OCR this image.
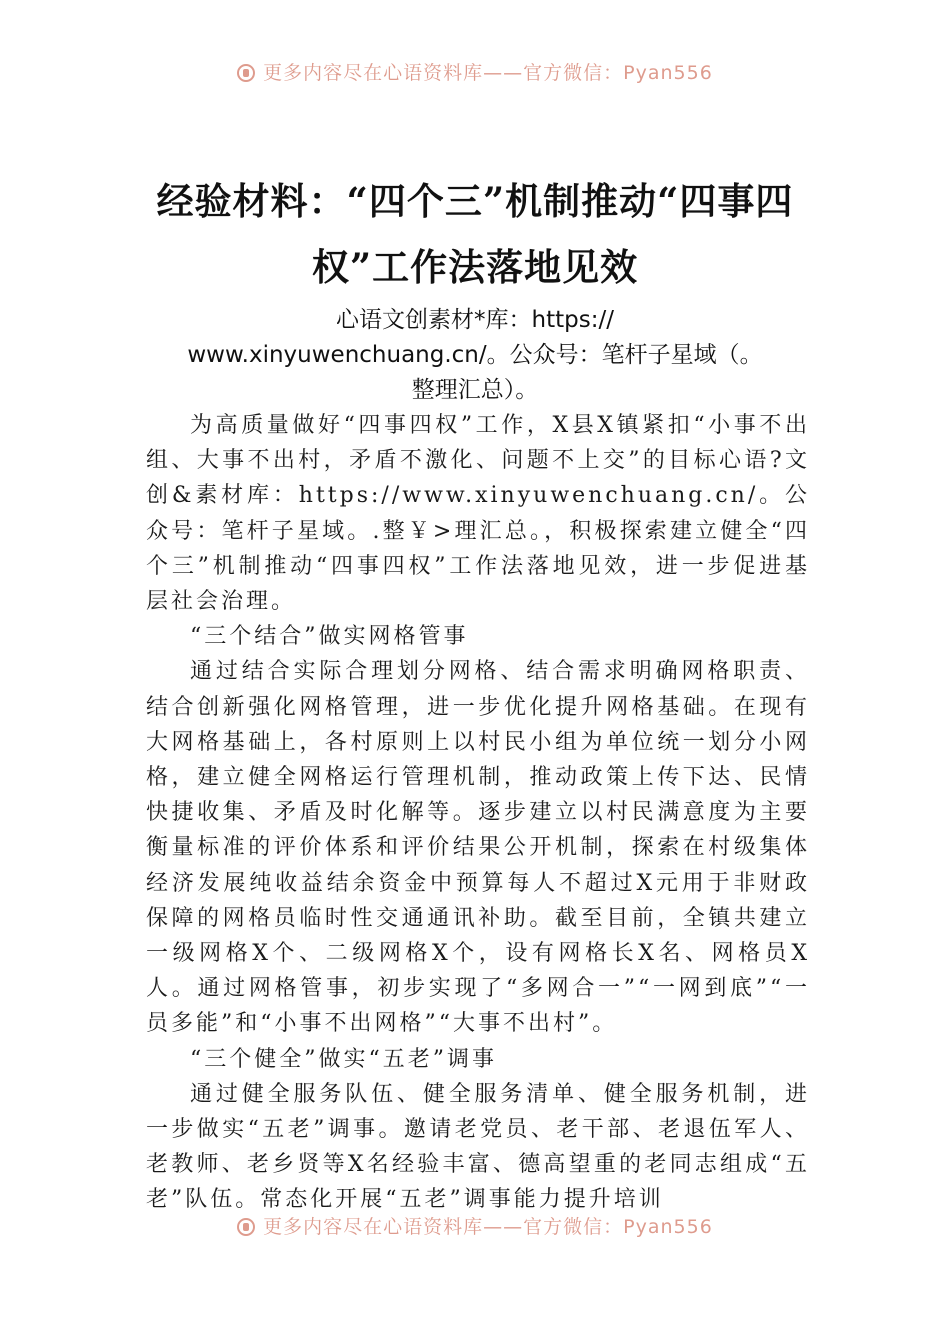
更多内容尽在心语资料库——官方微信：Pyan556
经验材料：“四个三”机制推动“四事四
权”工作法落地见效
心语文创素材*库：https://
www.xinyuwenchuang.cn/。公众号：笔杆子星域（。
整理汇总）。

为高质量做好“四事四权”工作，X县X镇紧扣“小事不出组、大事不出村，矛盾不激化、问题不上交”的目标心语?文创&素材库：https://www.xinyuwenchuang.cn/。公众号：笔杆子星域。.整￥>理汇总。，积极探索建立健全“四个三”机制推动“四事四权”工作法落地见效，进一步促进基层社会治理。

“三个结合”做实网格管事

通过结合实际合理划分网格、结合需求明确网格职责、结合创新强化网格管理，进一步优化提升网格基础。在现有大网格基础上，各村原则上以村民小组为单位统一划分小网格，建立健全网格运行管理机制，推动政策上传下达、民情快捷收集、矛盾及时化解等。逐步建立以村民满意度为主要衡量标准的评价体系和评价结果公开机制，探索在村级集体经济发展纯收益结余资金中预算每人不超过X元用于非财政保障的网格员临时性交通通讯补助。截至目前，全镇共建立一级网格X个、二级网格X个，设有网格长X名、网格员X人。通过网格管事，初步实现了“多网合一”“一网到底”“一员多能”和“小事不出网格”“大事不出村”。

“三个健全”做实“五老”调事

通过健全服务队伍、健全服务清单、健全服务机制，进一步做实“五老”调事。邀请老党员、老干部、老退伍军人、老教师、老乡贤等X名经验丰富、德高望重的老同志组成“五老”队伍。常态化开展“五老”调事能力提升培训

更多内容尽在心语资料库——官方微信：Pyan556
